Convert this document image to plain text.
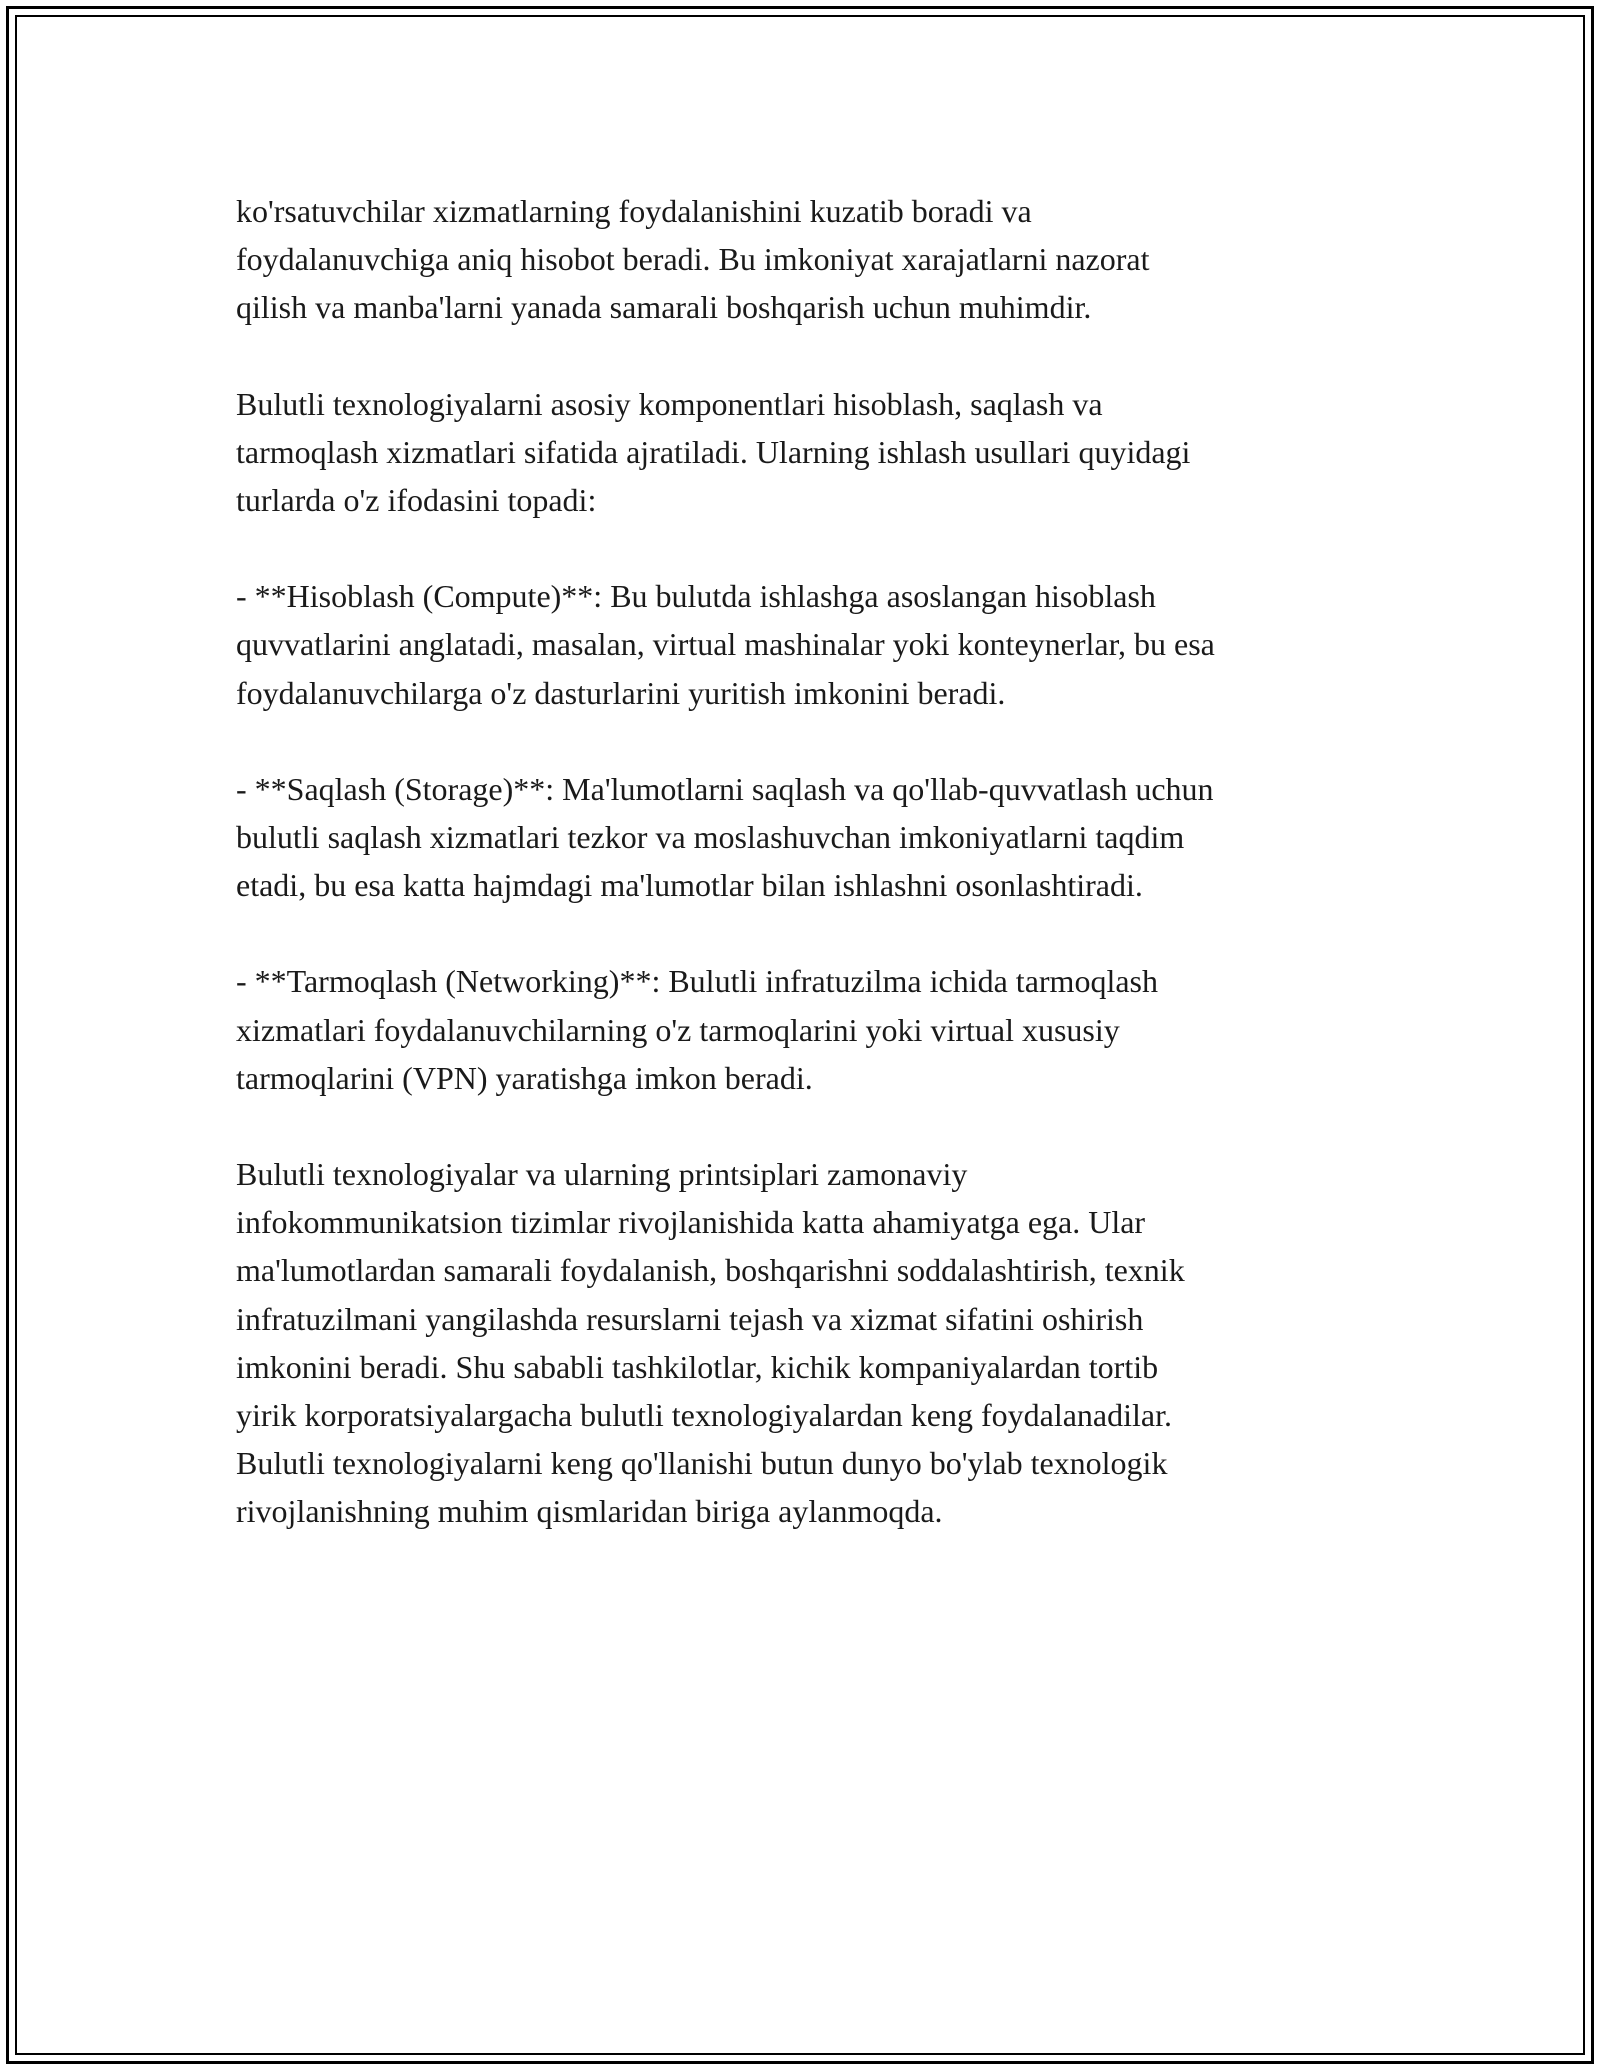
ko'rsatuvchilar xizmatlarning foydalanishini kuzatib boradi va
foydalanuvchiga aniq hisobot beradi. Bu imkoniyat xarajatlarni nazorat
qilish va manba'larni yanada samarali boshqarish uchun muhimdir.

Bulutli texnologiyalarni asosiy komponentlari hisoblash, saqlash va
tarmoqlash xizmatlari sifatida ajratiladi. Ularning ishlash usullari quyidagi
turlarda o'z ifodasini topadi:

- **Hisoblash (Compute)**: Bu bulutda ishlashga asoslangan hisoblash
quvvatlarini anglatadi, masalan, virtual mashinalar yoki konteynerlar, bu esa
foydalanuvchilarga o'z dasturlarini yuritish imkonini beradi.

- **Saqlash (Storage)**: Ma'lumotlarni saqlash va qo'llab-quvvatlash uchun
bulutli saqlash xizmatlari tezkor va moslashuvchan imkoniyatlarni taqdim
etadi, bu esa katta hajmdagi ma'lumotlar bilan ishlashni osonlashtiradi.

- **Tarmoqlash (Networking)**: Bulutli infratuzilma ichida tarmoqlash
xizmatlari foydalanuvchilarning o'z tarmoqlarini yoki virtual xususiy
tarmoqlarini (VPN) yaratishga imkon beradi.

Bulutli texnologiyalar va ularning printsiplari zamonaviy
infokommunikatsion tizimlar rivojlanishida katta ahamiyatga ega. Ular
ma'lumotlardan samarali foydalanish, boshqarishni soddalashtirish, texnik
infratuzilmani yangilashda resurslarni tejash va xizmat sifatini oshirish
imkonini beradi. Shu sababli tashkilotlar, kichik kompaniyalardan tortib
yirik korporatsiyalargacha bulutli texnologiyalardan keng foydalanadilar.
Bulutli texnologiyalarni keng qo'llanishi butun dunyo bo'ylab texnologik
rivojlanishning muhim qismlaridan biriga aylanmoqda.
